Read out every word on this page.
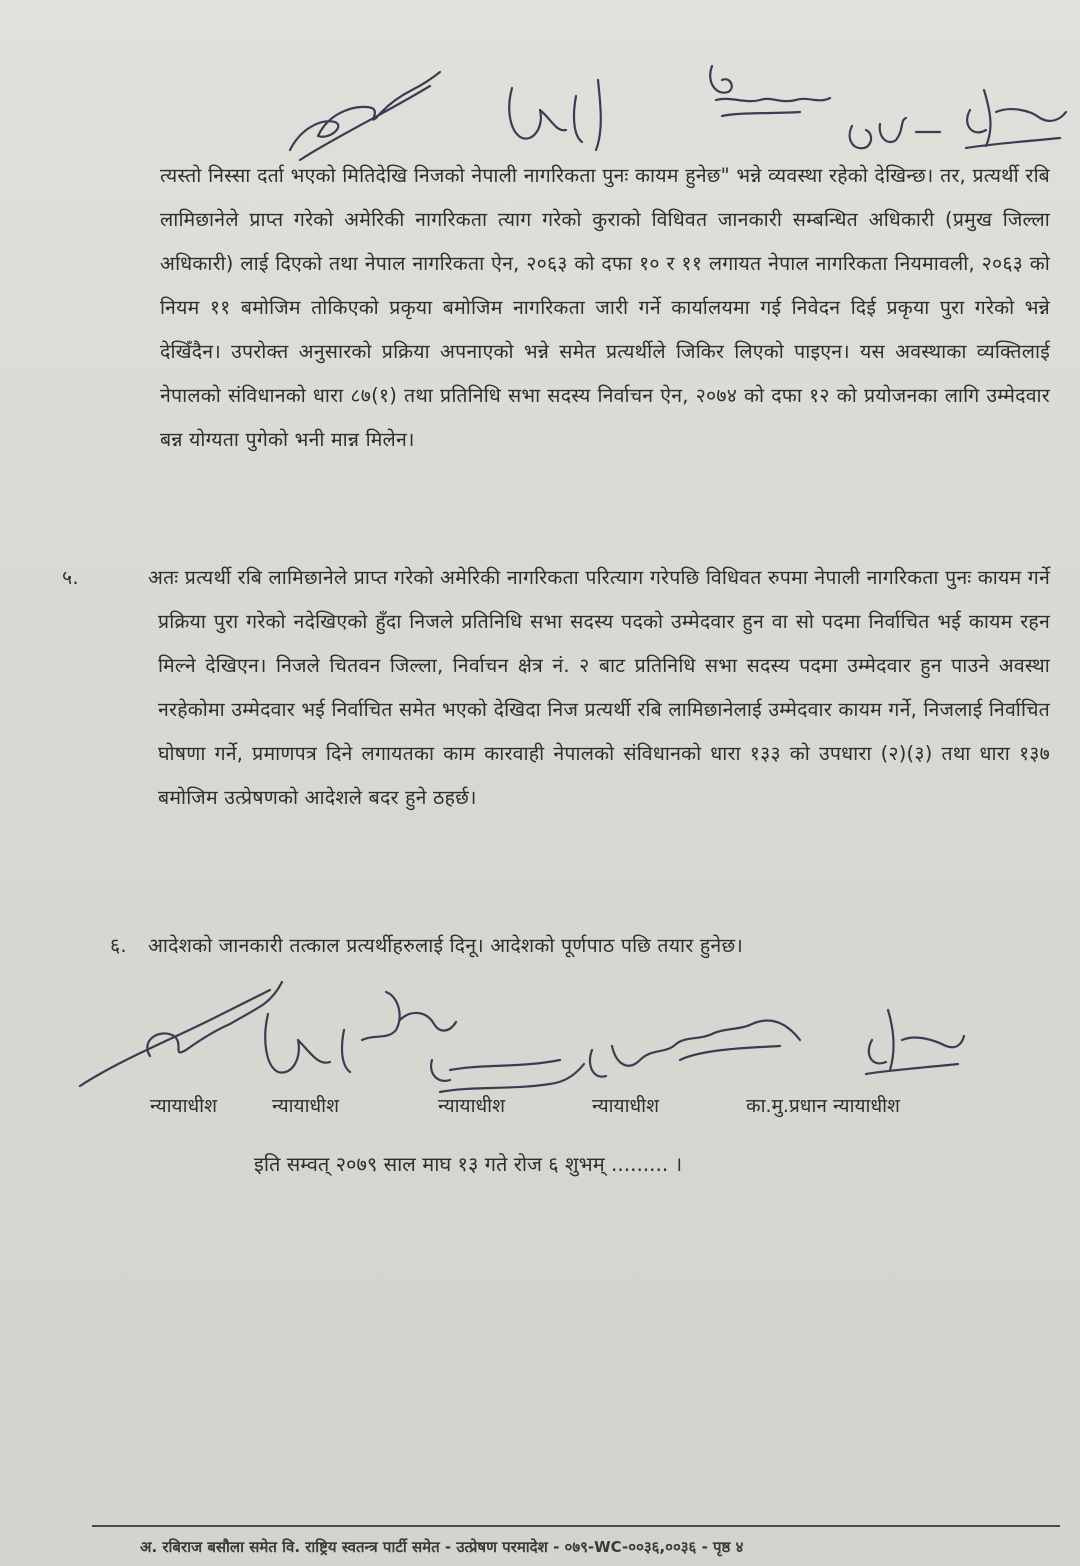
त्यस्तो निस्सा दर्ता भएको मितिदेखि निजको नेपाली नागरिकता पुनः कायम हुनेछ" भन्ने व्यवस्था रहेको देखिन्छ। तर, प्रत्यर्थी रबि लामिछानेले प्राप्त गरेको अमेरिकी नागरिकता त्याग गरेको कुराको विधिवत जानकारी सम्बन्धित अधिकारी (प्रमुख जिल्ला अधिकारी) लाई दिएको तथा नेपाल नागरिकता ऐन, २०६३ को दफा १० र ११ लगायत नेपाल नागरिकता नियमावली, २०६३ को नियम ११ बमोजिम तोकिएको प्रकृया बमोजिम नागरिकता जारी गर्ने कार्यालयमा गई निवेदन दिई प्रकृया पुरा गरेको भन्ने देखिँदैन। उपरोक्त अनुसारको प्रक्रिया अपनाएको भन्ने समेत प्रत्यर्थीले जिकिर लिएको पाइएन। यस अवस्थाका व्यक्तिलाई नेपालको संविधानको धारा ८७(१) तथा प्रतिनिधि सभा सदस्य निर्वाचन ऐन, २०७४ को दफा १२ को प्रयोजनका लागि उम्मेदवार बन्न योग्यता पुगेको भनी मान्न मिलेन।

५.	अतः प्रत्यर्थी रबि लामिछानेले प्राप्त गरेको अमेरिकी नागरिकता परित्याग गरेपछि विधिवत रुपमा नेपाली नागरिकता पुनः कायम गर्ने प्रक्रिया पुरा गरेको नदेखिएको हुँदा निजले प्रतिनिधि सभा सदस्य पदको उम्मेदवार हुन वा सो पदमा निर्वाचित भई कायम रहन मिल्ने देखिएन। निजले चितवन जिल्ला, निर्वाचन क्षेत्र नं. २ बाट प्रतिनिधि सभा सदस्य पदमा उम्मेदवार हुन पाउने अवस्था नरहेकोमा उम्मेदवार भई निर्वाचित समेत भएको देखिदा निज प्रत्यर्थी रबि लामिछानेलाई उम्मेदवार कायम गर्ने, निजलाई निर्वाचित घोषणा गर्ने, प्रमाणपत्र दिने लगायतका काम कारवाही नेपालको संविधानको धारा १३३ को उपधारा (२)(३) तथा धारा १३७ बमोजिम उत्प्रेषणको आदेशले बदर हुने ठहर्छ।

६. आदेशको जानकारी तत्काल प्रत्यर्थीहरुलाई दिनू। आदेशको पूर्णपाठ पछि तयार हुनेछ।

न्यायाधीश	न्यायाधीश	न्यायाधीश	न्यायाधीश	का.मु.प्रधान न्यायाधीश
इति सम्वत् २०७९ साल माघ १३ गते रोज ६ शुभम् ......... ।
अ. रबिराज बसौला समेत वि. राष्ट्रिय स्वतन्त्र पार्टी समेत - उत्प्रेषण परमादेश - ०७९-WC-००३६,००३६ - पृष्ठ ४
